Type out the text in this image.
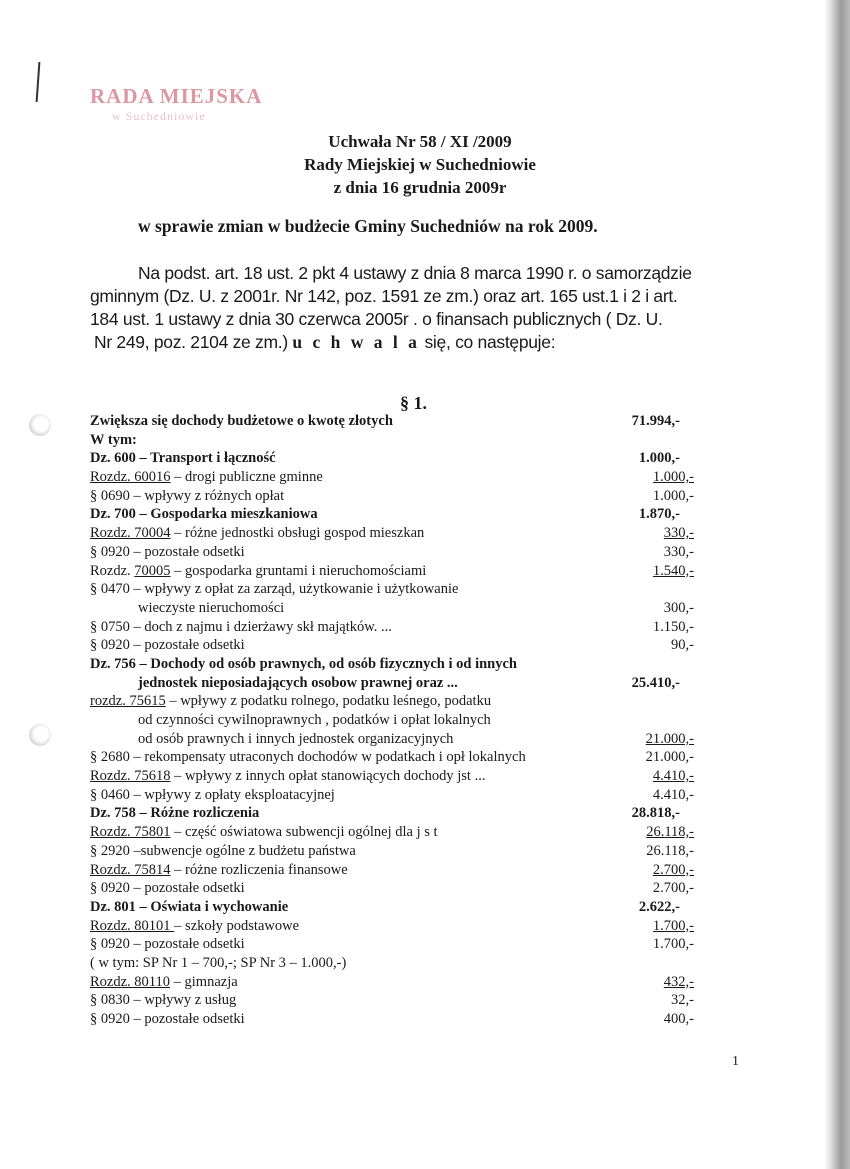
RADA MIEJSKA
w Suchedniowie
Uchwała Nr 58 / XI /2009
Rady Miejskiej w Suchedniowie
z dnia 16 grudnia 2009r
w sprawie zmian w budżecie Gminy Suchedniów na rok 2009.

Na podst. art. 18 ust. 2 pkt 4 ustawy z dnia 8 marca 1990 r. o samorządzie

gminnym (Dz. U. z 2001r. Nr 142, poz. 1591 ze zm.) oraz art. 165 ust.1 i 2 i art.

184 ust. 1 ustawy z dnia 30 czerwca 2005r . o finansach publicznych ( Dz. U.

Nr 249, poz. 2104 ze zm.) u c h w a l a się, co następuje:

§ 1.
Zwiększa się dochody budżetowe o kwotę złotych	71.994,-
W tym:
Dz. 600 – Transport i łączność	1.000,-
Rozdz. 60016 – drogi publiczne gminne	1.000,-
§ 0690 – wpływy z różnych opłat	1.000,-
Dz. 700 – Gospodarka mieszkaniowa	1.870,-
Rozdz. 70004 – różne jednostki obsługi gospod mieszkan	330,-
§ 0920 – pozostałe odsetki	330,-
Rozdz. 70005 – gospodarka gruntami i nieruchomościami	1.540,-
§ 0470 – wpływy z opłat za zarząd, użytkowanie i użytkowanie
wieczyste nieruchomości	300,-
§ 0750 – doch z najmu i dzierżawy skł majątków. ...	1.150,-
§ 0920 – pozostałe odsetki	90,-
Dz. 756 – Dochody od osób prawnych, od osób fizycznych i od innych
jednostek nieposiadających osobow prawnej oraz ...	25.410,-
rozdz. 75615 – wpływy z podatku rolnego, podatku leśnego, podatku
od czynności cywilnoprawnych , podatków i opłat lokalnych
od osób prawnych i innych jednostek organizacyjnych	21.000,-
§ 2680 – rekompensaty utraconych dochodów w podatkach i opł lokalnych	21.000,-
Rozdz. 75618 – wpływy z innych opłat stanowiących dochody jst ...	4.410,-
§ 0460 – wpływy z opłaty eksploatacyjnej	4.410,-
Dz. 758 – Różne rozliczenia	28.818,-
Rozdz. 75801 – część oświatowa subwencji ogólnej dla j s t	26.118,-
§ 2920 –subwencje ogólne z budżetu państwa	26.118,-
Rozdz. 75814 – różne rozliczenia finansowe	2.700,-
§ 0920 – pozostałe odsetki	2.700,-
Dz. 801 – Oświata i wychowanie	2.622,-
Rozdz. 80101 – szkoły podstawowe	1.700,-
§ 0920 – pozostałe odsetki	1.700,-
( w tym: SP Nr 1 – 700,-; SP Nr 3 – 1.000,-)
Rozdz. 80110 – gimnazja	432,-
§ 0830 – wpływy z usług	32,-
§ 0920 – pozostałe odsetki	400,-
1
